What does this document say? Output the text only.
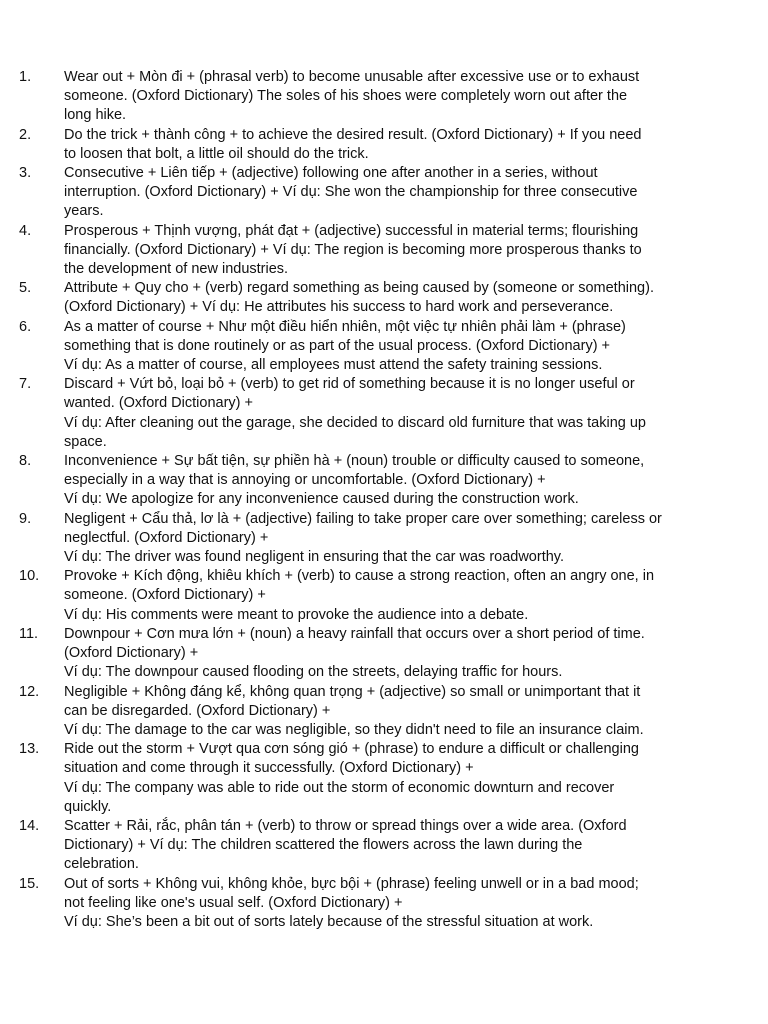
1.	Wear out + Mòn đi + (phrasal verb) to become unusable after excessive use or to exhaust
someone. (Oxford Dictionary) The soles of his shoes were completely worn out after the
long hike.
2.	Do the trick + thành công + to achieve the desired result. (Oxford Dictionary) + If you need
to loosen that bolt, a little oil should do the trick.
3.	Consecutive + Liên tiếp + (adjective) following one after another in a series, without
interruption. (Oxford Dictionary) + Ví dụ: She won the championship for three consecutive
years.
4.	Prosperous + Thịnh vượng, phát đạt + (adjective) successful in material terms; flourishing
financially. (Oxford Dictionary) + Ví dụ: The region is becoming more prosperous thanks to
the development of new industries.
5.	Attribute + Quy cho + (verb) regard something as being caused by (someone or something).
(Oxford Dictionary) + Ví dụ: He attributes his success to hard work and perseverance.
6.	As a matter of course + Như một điều hiển nhiên, một việc tự nhiên phải làm + (phrase)
something that is done routinely or as part of the usual process. (Oxford Dictionary) +
Ví dụ: As a matter of course, all employees must attend the safety training sessions.
7.	Discard + Vứt bỏ, loại bỏ + (verb) to get rid of something because it is no longer useful or
wanted. (Oxford Dictionary) +
Ví dụ: After cleaning out the garage, she decided to discard old furniture that was taking up
space.
8.	Inconvenience + Sự bất tiện, sự phiền hà + (noun) trouble or difficulty caused to someone,
especially in a way that is annoying or uncomfortable. (Oxford Dictionary) +
Ví dụ: We apologize for any inconvenience caused during the construction work.
9.	Negligent + Cẩu thả, lơ là + (adjective) failing to take proper care over something; careless or
neglectful. (Oxford Dictionary) +
Ví dụ: The driver was found negligent in ensuring that the car was roadworthy.
10.	Provoke + Kích động, khiêu khích + (verb) to cause a strong reaction, often an angry one, in
someone. (Oxford Dictionary) +
Ví dụ: His comments were meant to provoke the audience into a debate.
11.	Downpour + Cơn mưa lớn + (noun) a heavy rainfall that occurs over a short period of time.
(Oxford Dictionary) +
Ví dụ: The downpour caused flooding on the streets, delaying traffic for hours.
12.	Negligible + Không đáng kể, không quan trọng + (adjective) so small or unimportant that it
can be disregarded. (Oxford Dictionary) +
Ví dụ: The damage to the car was negligible, so they didn't need to file an insurance claim.
13.	Ride out the storm + Vượt qua cơn sóng gió + (phrase) to endure a difficult or challenging
situation and come through it successfully. (Oxford Dictionary) +
Ví dụ: The company was able to ride out the storm of economic downturn and recover
quickly.
14.	Scatter + Rải, rắc, phân tán + (verb) to throw or spread things over a wide area. (Oxford
Dictionary) + Ví dụ: The children scattered the flowers across the lawn during the
celebration.
15.	Out of sorts + Không vui, không khỏe, bực bội + (phrase) feeling unwell or in a bad mood;
not feeling like one's usual self. (Oxford Dictionary) +
Ví dụ: She’s been a bit out of sorts lately because of the stressful situation at work.
